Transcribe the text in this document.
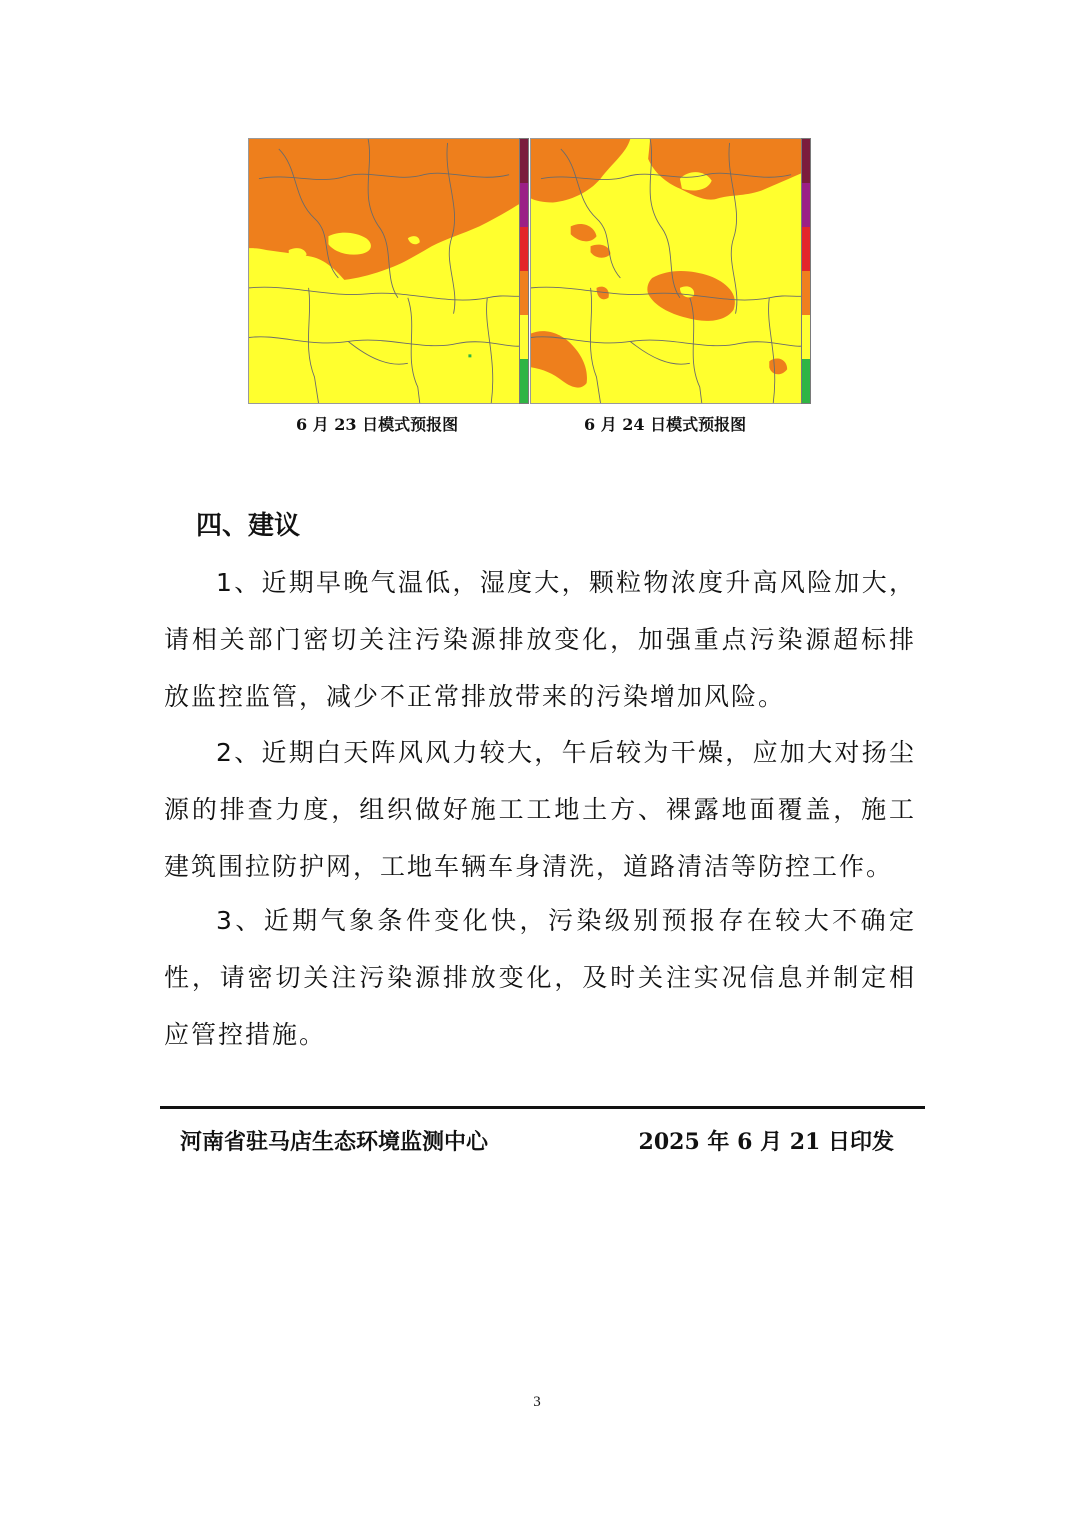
6 月 23 日模式预报图	6 月 24 日模式预报图
四、建议

1、近期早晚气温低，湿度大，颗粒物浓度升高风险加大，请相关部门密切关注污染源排放变化，加强重点污染源超标排放监控监管，减少不正常排放带来的污染增加风险。

2、近期白天阵风风力较大，午后较为干燥，应加大对扬尘源的排查力度，组织做好施工工地土方、裸露地面覆盖，施工建筑围拉防护网，工地车辆车身清洗，道路清洁等防控工作。

3、近期气象条件变化快，污染级别预报存在较大不确定性，请密切关注污染源排放变化，及时关注实况信息并制定相应管控措施。

河南省驻马店生态环境监测中心	2025 年 6 月 21 日印发
3
